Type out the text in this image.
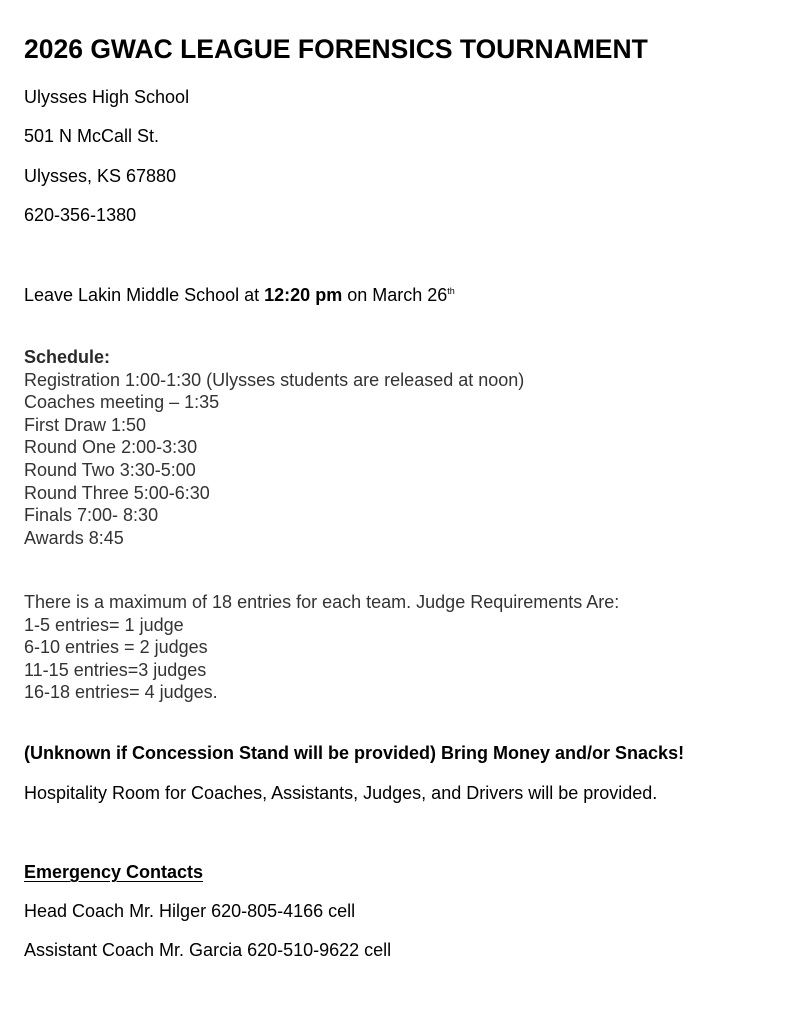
2026 GWAC LEAGUE FORENSICS TOURNAMENT

Ulysses High School

501 N McCall St.

Ulysses, KS 67880

620-356-1380

Leave Lakin Middle School at 12:20 pm on March 26th

Schedule:
Registration 1:00-1:30 (Ulysses students are released at noon)
Coaches meeting – 1:35
First Draw 1:50
Round One 2:00-3:30
Round Two 3:30-5:00
Round Three 5:00-6:30
Finals 7:00- 8:30
Awards 8:45
There is a maximum of 18 entries for each team. Judge Requirements Are:
1-5 entries= 1 judge
6-10 entries = 2 judges
11-15 entries=3 judges
16-18 entries= 4 judges.

(Unknown if Concession Stand will be provided) Bring Money and/or Snacks!

Hospitality Room for Coaches, Assistants, Judges, and Drivers will be provided.

Emergency Contacts

Head Coach Mr. Hilger 620-805-4166 cell

Assistant Coach Mr. Garcia 620-510-9622 cell
